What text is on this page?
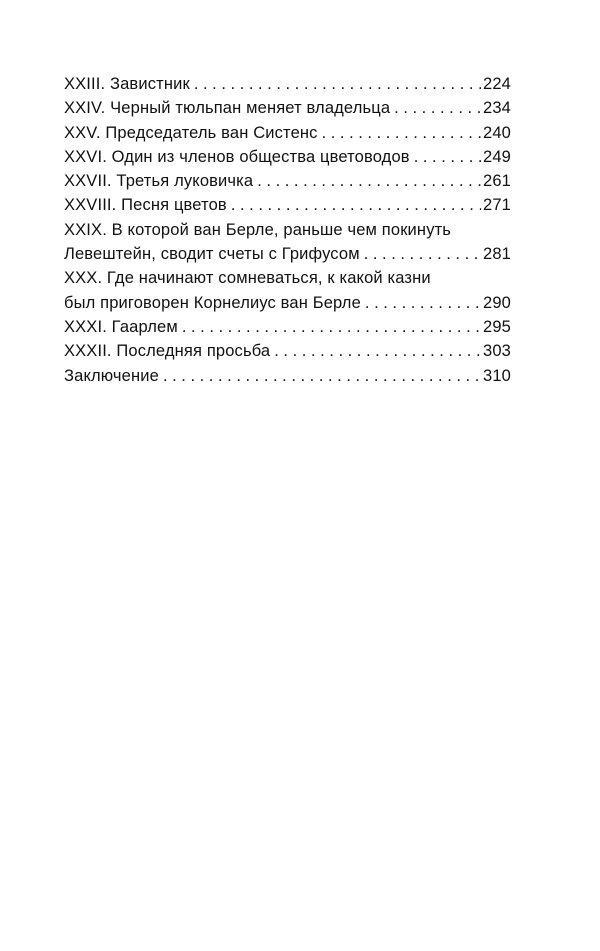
XXIII. Завистник . . .	224
XXIV. Черный тюльпан меняет владельца . . .	234
XXV. Председатель ван Систенс . . .	240
XXVI. Один из членов общества цветоводов . . .	249
XXVII. Третья луковичка . . .	261
XXVIII. Песня цветов . . .	271
XXIX. В которой ван Берле, раньше чем покинуть
Левештейн, сводит счеты с Грифусом . . .	281
XXX. Где начинают сомневаться, к какой казни
был приговорен Корнелиус ван Берле . . .	290
XXXI. Гаарлем . . .	295
XXXII. Последняя просьба . . .	303
Заключение . . .	310
